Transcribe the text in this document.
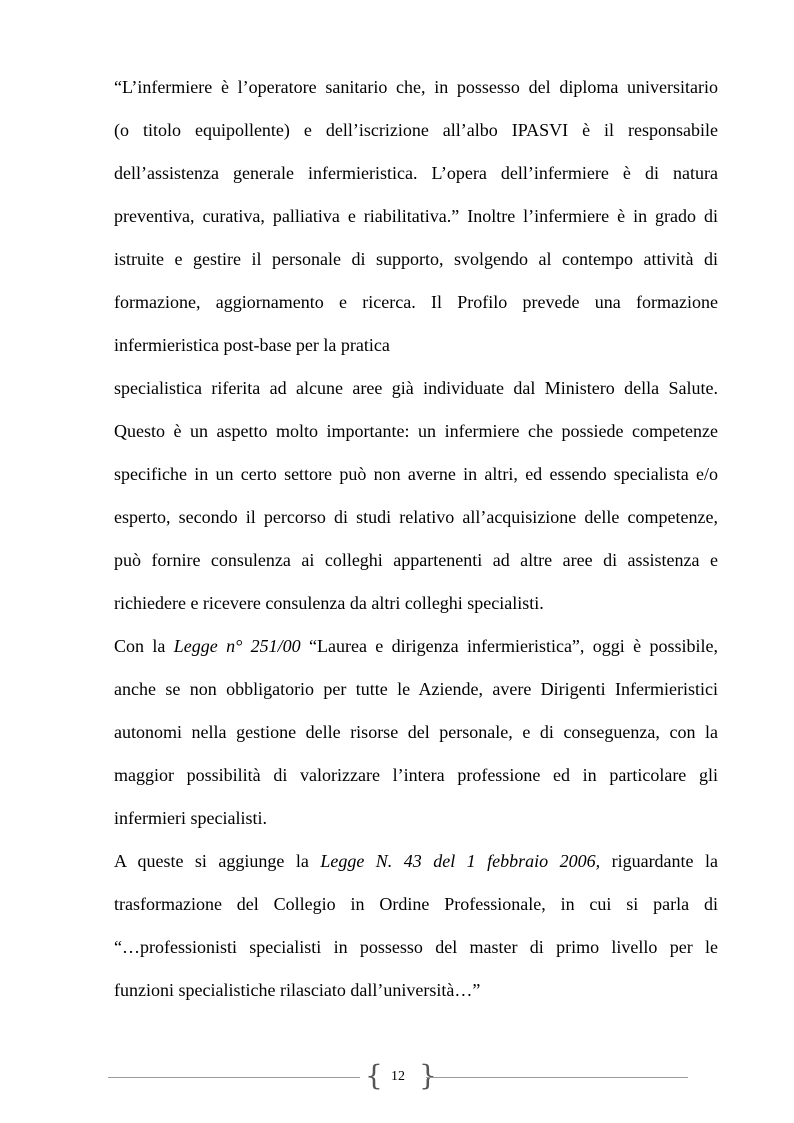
“L’infermiere è l’operatore sanitario che, in possesso del diploma universitario
(o titolo equipollente) e dell’iscrizione all’albo IPASVI è il responsabile
dell’assistenza generale infermieristica. L’opera dell’infermiere è di natura
preventiva, curativa, palliativa e riabilitativa.” Inoltre l’infermiere è in grado di
istruite e gestire il personale di supporto, svolgendo al contempo attività di
formazione, aggiornamento e ricerca. Il Profilo prevede una formazione
infermieristica post-base per la pratica

specialistica riferita ad alcune aree già individuate dal Ministero della Salute.
Questo è un aspetto molto importante: un infermiere che possiede competenze
specifiche in un certo settore può non averne in altri, ed essendo specialista e/o
esperto, secondo il percorso di studi relativo all’acquisizione delle competenze,
può fornire consulenza ai colleghi appartenenti ad altre aree di assistenza e
richiedere e ricevere consulenza da altri colleghi specialisti.

Con la Legge n° 251/00 “Laurea e dirigenza infermieristica”, oggi è possibile,
anche se non obbligatorio per tutte le Aziende, avere Dirigenti Infermieristici
autonomi nella gestione delle risorse del personale, e di conseguenza, con la
maggior possibilità di valorizzare l’intera professione ed in particolare gli
infermieri specialisti.

A queste si aggiunge la Legge N. 43 del 1 febbraio 2006, riguardante la
trasformazione del Collegio in Ordine Professionale, in cui si parla di
“…professionisti specialisti in possesso del master di primo livello per le
funzioni specialistiche rilasciato dall’università…”

{ 12 }
